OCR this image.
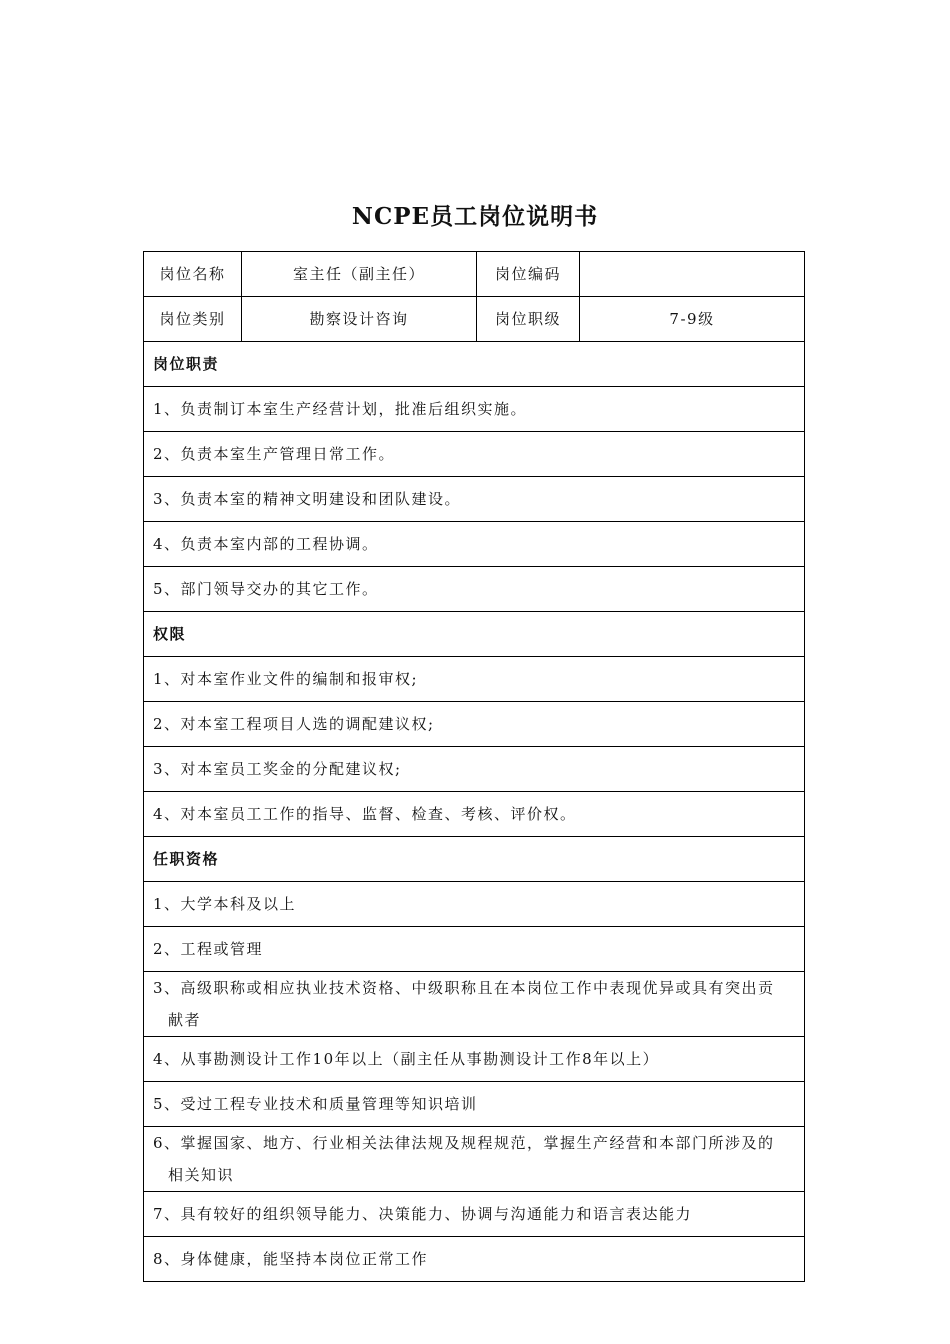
NCPE员工岗位说明书
岗位名称	室主任（副主任）	岗位编码	
岗位类别	勘察设计咨询	岗位职级	7-9级
岗位职责			
1、负责制订本室生产经营计划，批准后组织实施。			
2、负责本室生产管理日常工作。			
3、负责本室的精神文明建设和团队建设。			
4、负责本室内部的工程协调。			
5、部门领导交办的其它工作。			
权限			
1、对本室作业文件的编制和报审权;			
2、对本室工程项目人选的调配建议权;			
3、对本室员工奖金的分配建议权;			
4、对本室员工工作的指导、监督、检查、考核、评价权。			
任职资格			
1、大学本科及以上			
2、工程或管理			
3、高级职称或相应执业技术资格、中级职称且在本岗位工作中表现优异或具有突出贡
献者			

4、从事勘测设计工作10年以上（副主任从事勘测设计工作8年以上）			
5、受过工程专业技术和质量管理等知识培训			
6、掌握国家、地方、行业相关法律法规及规程规范，掌握生产经营和本部门所涉及的
相关知识			

7、具有较好的组织领导能力、决策能力、协调与沟通能力和语言表达能力			
8、身体健康，能坚持本岗位正常工作			
